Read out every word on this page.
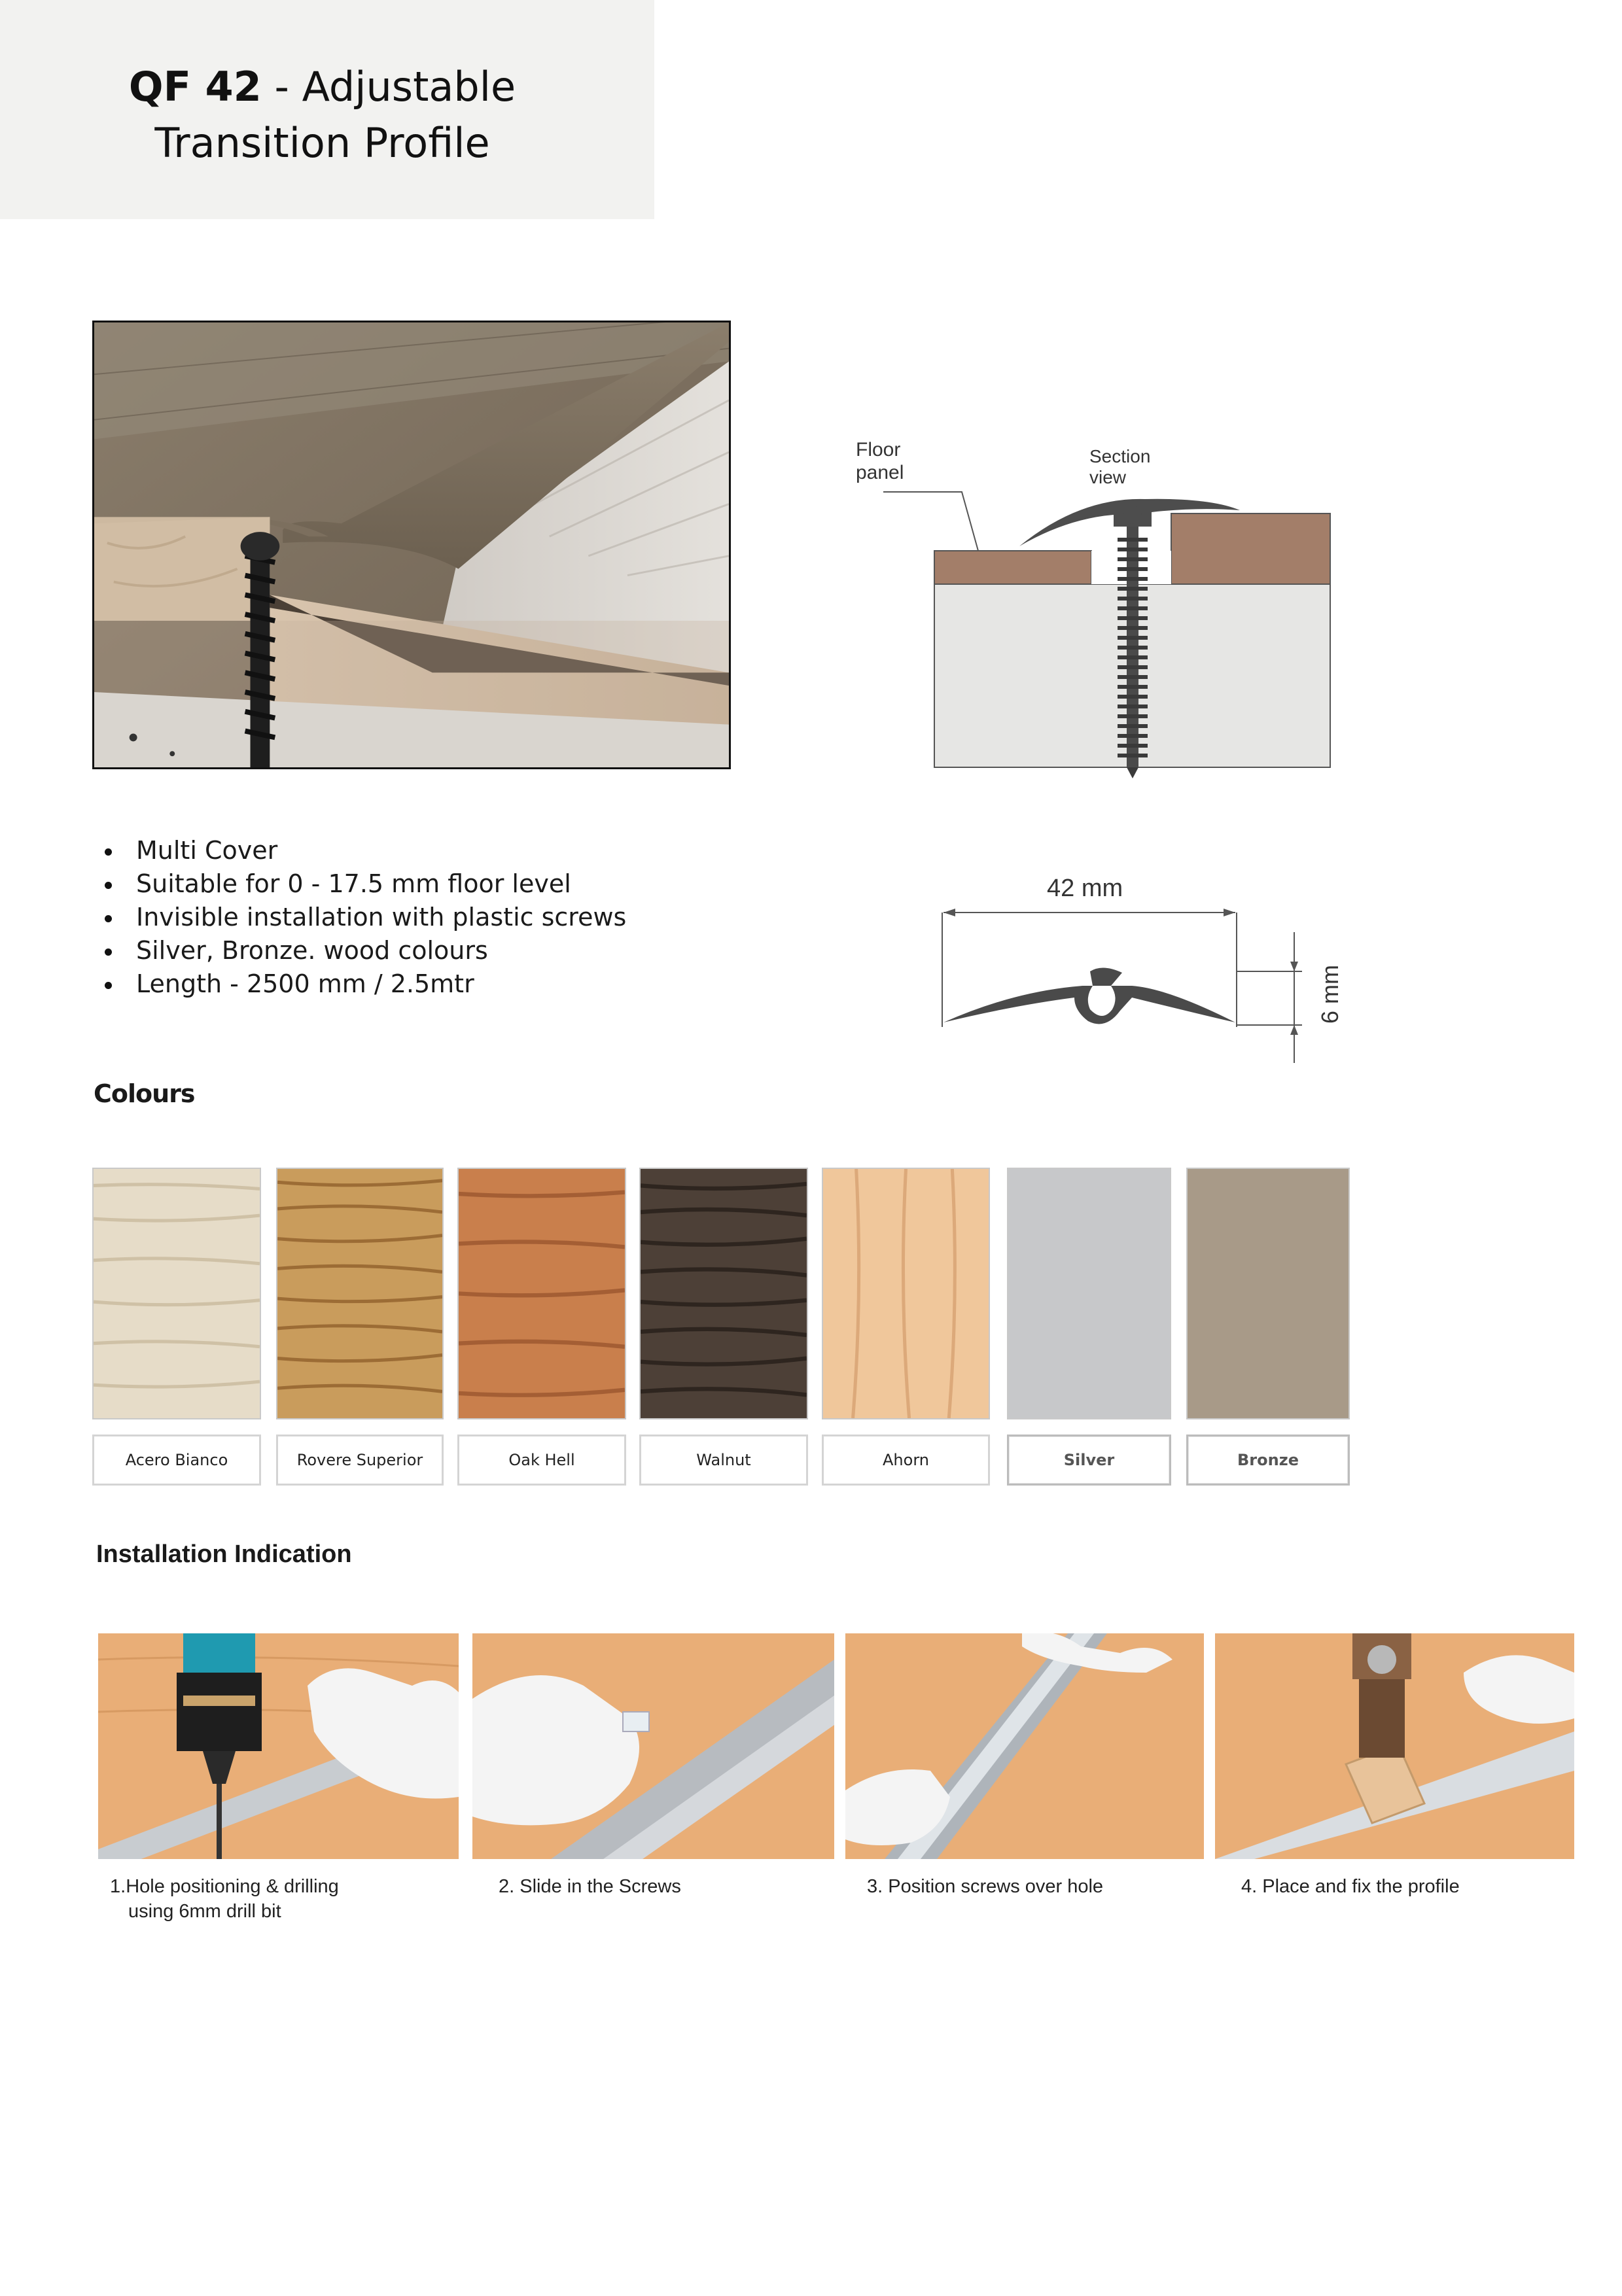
QF 42 - Adjustable
Transition Profile
Floor
panel
Section
view
42 mm
6 mm
Multi Cover
Suitable for 0 - 17.5 mm floor level
Invisible installation with plastic screws
Silver, Bronze. wood colours
Length - 2500 mm / 2.5mtr
Colours
Acero Bianco	Rovere Superior	Oak Hell	Walnut	Ahorn	Silver	Bronze
Installation Indication
1.Hole positioning & drilling
using 6mm drill bit
2. Slide in the Screws	3. Position screws over hole	4. Place and fix the profile
